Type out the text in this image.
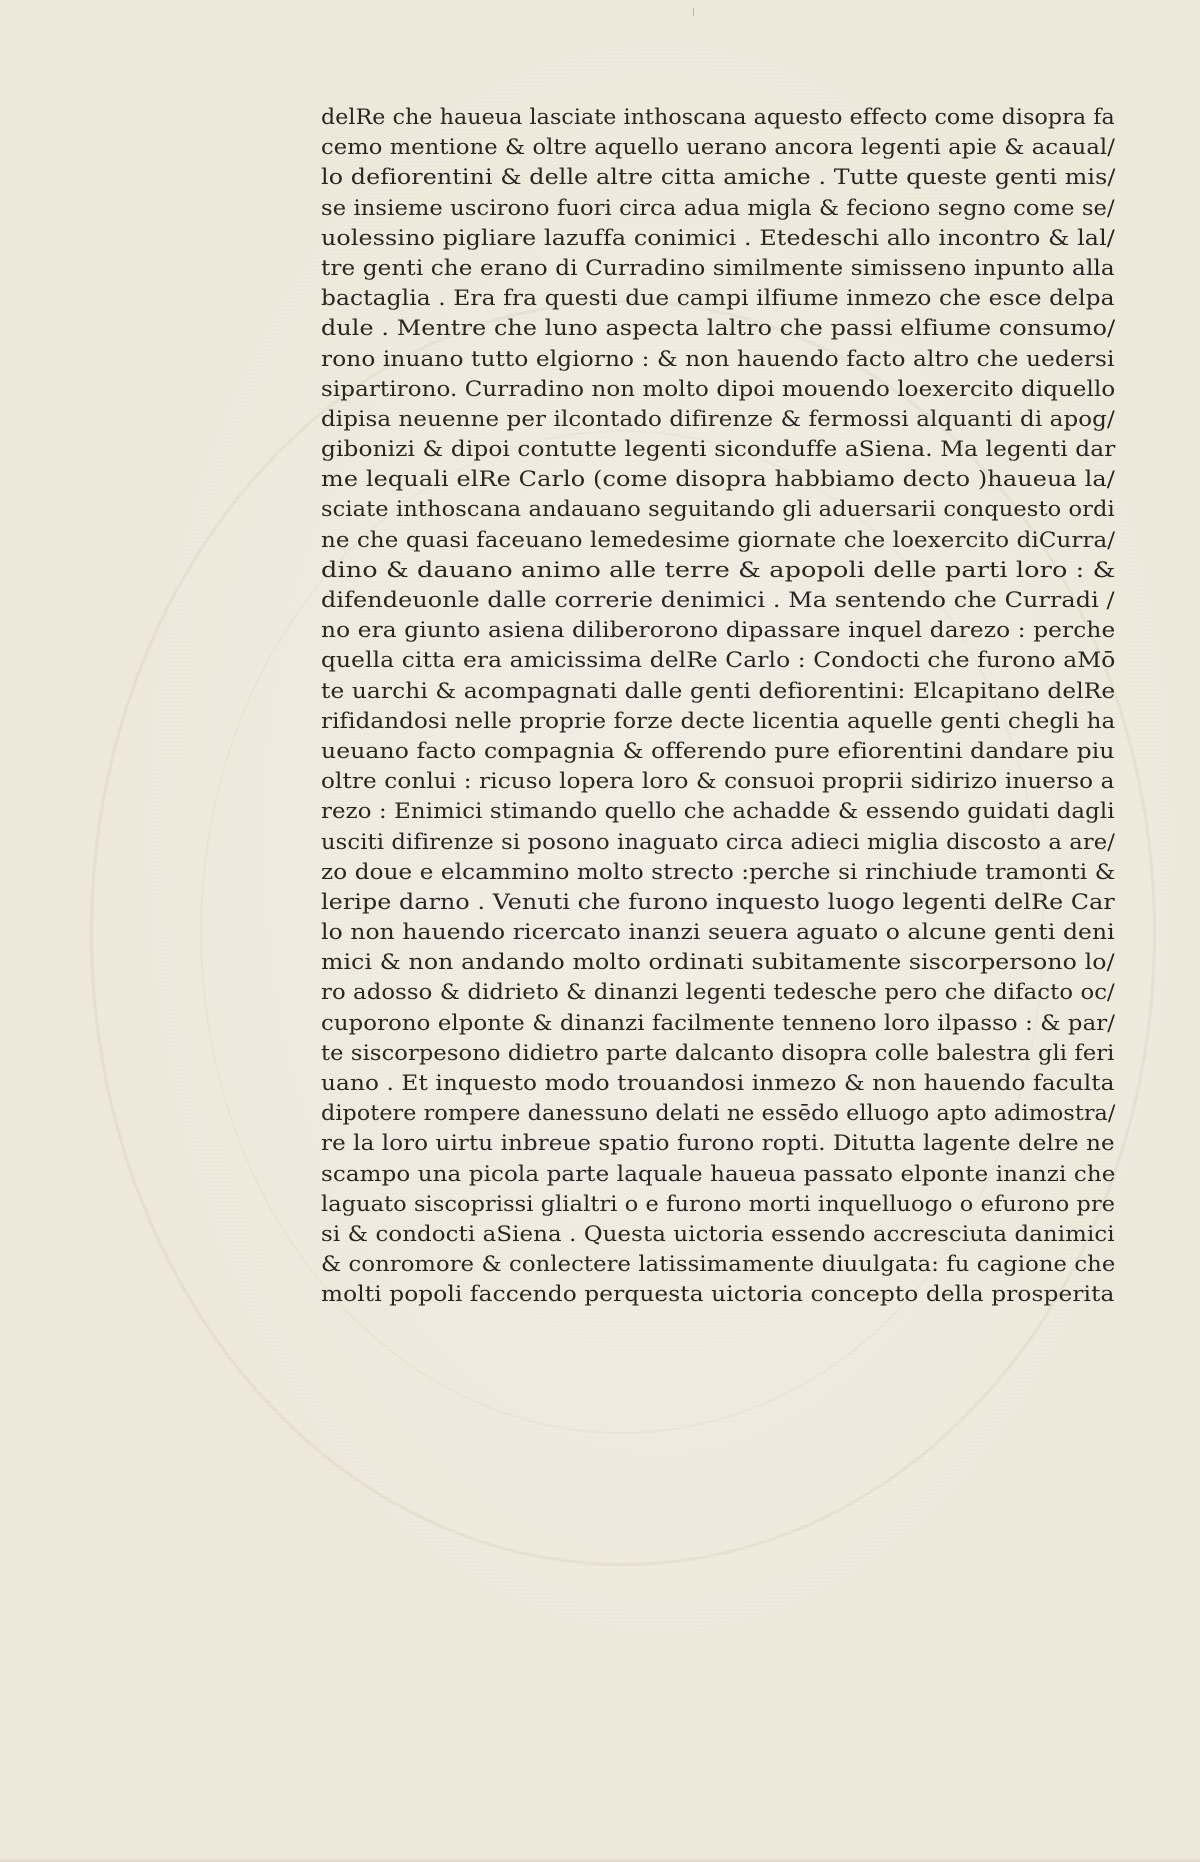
delRe che haueua lasciate inthoscana aquesto effecto come disopra fa
cemo mentione & oltre aquello uerano ancora legenti apie & acaual/
lo defiorentini & delle altre citta amiche . Tutte queste genti mis/
se insieme uscirono fuori circa adua migla & feciono segno come se/
uolessino pigliare lazuffa conimici . Etedeschi allo incontro & lal/
tre genti che erano di Curradino similmente simisseno inpunto alla
bactaglia . Era fra questi due campi ilfiume inmezo che esce delpa
dule . Mentre che luno aspecta laltro che passi elfiume consumo/
rono inuano tutto elgiorno : & non hauendo facto altro che uedersi
sipartirono. Curradino non molto dipoi mouendo loexercito diquello
dipisa neuenne per ilcontado difirenze & fermossi alquanti di apog/
gibonizi & dipoi contutte legenti siconduffe aSiena. Ma legenti dar
me lequali elRe Carlo (come disopra habbiamo decto )haueua la/
sciate inthoscana andauano seguitando gli aduersarii conquesto ordi
ne che quasi faceuano lemedesime giornate che loexercito diCurra/
dino & dauano animo alle terre & apopoli delle parti loro : &
difendeuonle dalle correrie denimici . Ma sentendo che Curradi /
no era giunto asiena diliberorono dipassare inquel darezo : perche
quella citta era amicissima delRe Carlo : Condocti che furono aMō
te uarchi & acompagnati dalle genti defiorentini: Elcapitano delRe
rifidandosi nelle proprie forze decte licentia aquelle genti chegli ha
ueuano facto compagnia & offerendo pure efiorentini dandare piu
oltre conlui : ricuso lopera loro & consuoi proprii sidirizo inuerso a
rezo : Enimici stimando quello che achadde & essendo guidati dagli
usciti difirenze si posono inaguato circa adieci miglia discosto a are/
zo doue e elcammino molto strecto :perche si rinchiude tramonti &
leripe darno . Venuti che furono inquesto luogo legenti delRe Car
lo non hauendo ricercato inanzi seuera aguato o alcune genti deni
mici & non andando molto ordinati subitamente siscorpersono lo/
ro adosso & didrieto & dinanzi legenti tedesche pero che difacto oc/
cuporono elponte & dinanzi facilmente tenneno loro ilpasso : & par/
te siscorpesono didietro parte dalcanto disopra colle balestra gli feri
uano . Et inquesto modo trouandosi inmezo & non hauendo faculta
dipotere rompere danessuno delati ne essēdo elluogo apto adimostra/
re la loro uirtu inbreue spatio furono ropti. Ditutta lagente delre ne
scampo una picola parte laquale haueua passato elponte inanzi che
laguato siscoprissi glialtri o e furono morti inquelluogo o efurono pre
si & condocti aSiena . Questa uictoria essendo accresciuta danimici
& conromore & conlectere latissimamente diuulgata: fu cagione che
molti popoli faccendo perquesta uictoria concepto della prosperita
